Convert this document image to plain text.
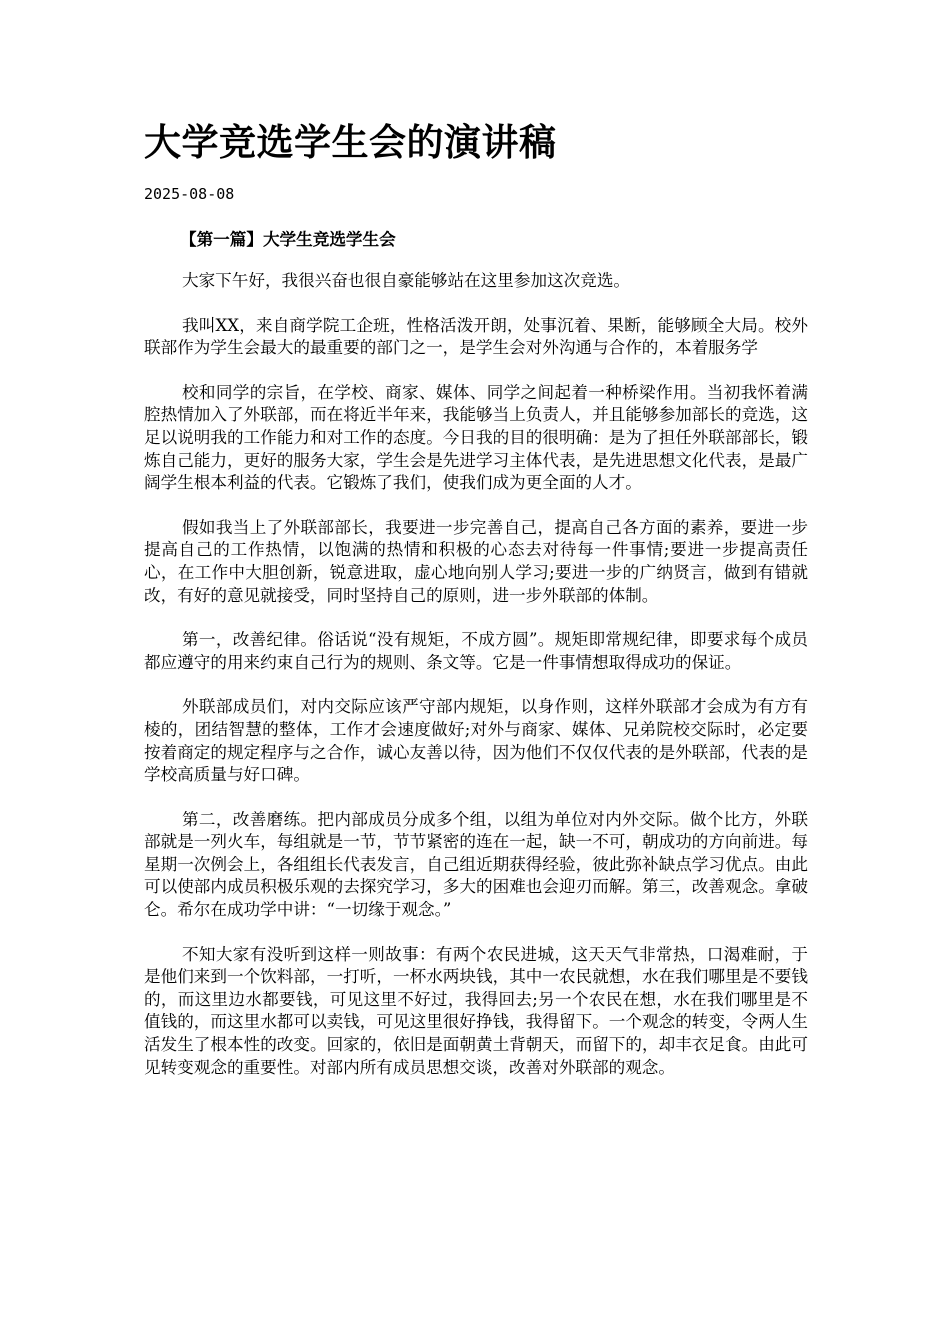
大学竞选学生会的演讲稿
2025-08-08

【第一篇】大学生竞选学生会

大家下午好，我很兴奋也很自豪能够站在这里参加这次竞选。

我叫XX，来自商学院工企班，性格活泼开朗，处事沉着、果断，能够顾全大局。校外联部作为学生会最大的最重要的部门之一，是学生会对外沟通与合作的，本着服务学

校和同学的宗旨，在学校、商家、媒体、同学之间起着一种桥梁作用。当初我怀着满腔热情加入了外联部，而在将近半年来，我能够当上负责人，并且能够参加部长的竞选，这足以说明我的工作能力和对工作的态度。今日我的目的很明确：是为了担任外联部部长，锻炼自己能力，更好的服务大家，学生会是先进学习主体代表，是先进思想文化代表，是最广阔学生根本利益的代表。它锻炼了我们，使我们成为更全面的人才。

假如我当上了外联部部长，我要进一步完善自己，提高自己各方面的素养，要进一步提高自己的工作热情，以饱满的热情和积极的心态去对待每一件事情;要进一步提高责任心，在工作中大胆创新，锐意进取，虚心地向别人学习;要进一步的广纳贤言，做到有错就改，有好的意见就接受，同时坚持自己的原则，进一步外联部的体制。

第一，改善纪律。俗话说“没有规矩，不成方圆”。规矩即常规纪律，即要求每个成员都应遵守的用来约束自己行为的规则、条文等。它是一件事情想取得成功的保证。

外联部成员们，对内交际应该严守部内规矩，以身作则，这样外联部才会成为有方有棱的，团结智慧的整体，工作才会速度做好;对外与商家、媒体、兄弟院校交际时，必定要按着商定的规定程序与之合作，诚心友善以待，因为他们不仅仅代表的是外联部，代表的是学校高质量与好口碑。

第二，改善磨练。把内部成员分成多个组，以组为单位对内外交际。做个比方，外联部就是一列火车，每组就是一节，节节紧密的连在一起，缺一不可，朝成功的方向前进。每星期一次例会上，各组组长代表发言，自己组近期获得经验，彼此弥补缺点学习优点。由此可以使部内成员积极乐观的去探究学习，多大的困难也会迎刃而解。第三，改善观念。拿破仑。希尔在成功学中讲：“一切缘于观念。”

不知大家有没听到这样一则故事：有两个农民进城，这天天气非常热，口渴难耐，于是他们来到一个饮料部，一打听，一杯水两块钱，其中一农民就想，水在我们哪里是不要钱的，而这里边水都要钱，可见这里不好过，我得回去;另一个农民在想，水在我们哪里是不值钱的，而这里水都可以卖钱，可见这里很好挣钱，我得留下。一个观念的转变，令两人生活发生了根本性的改变。回家的，依旧是面朝黄土背朝天，而留下的，却丰衣足食。由此可见转变观念的重要性。对部内所有成员思想交谈，改善对外联部的观念。
